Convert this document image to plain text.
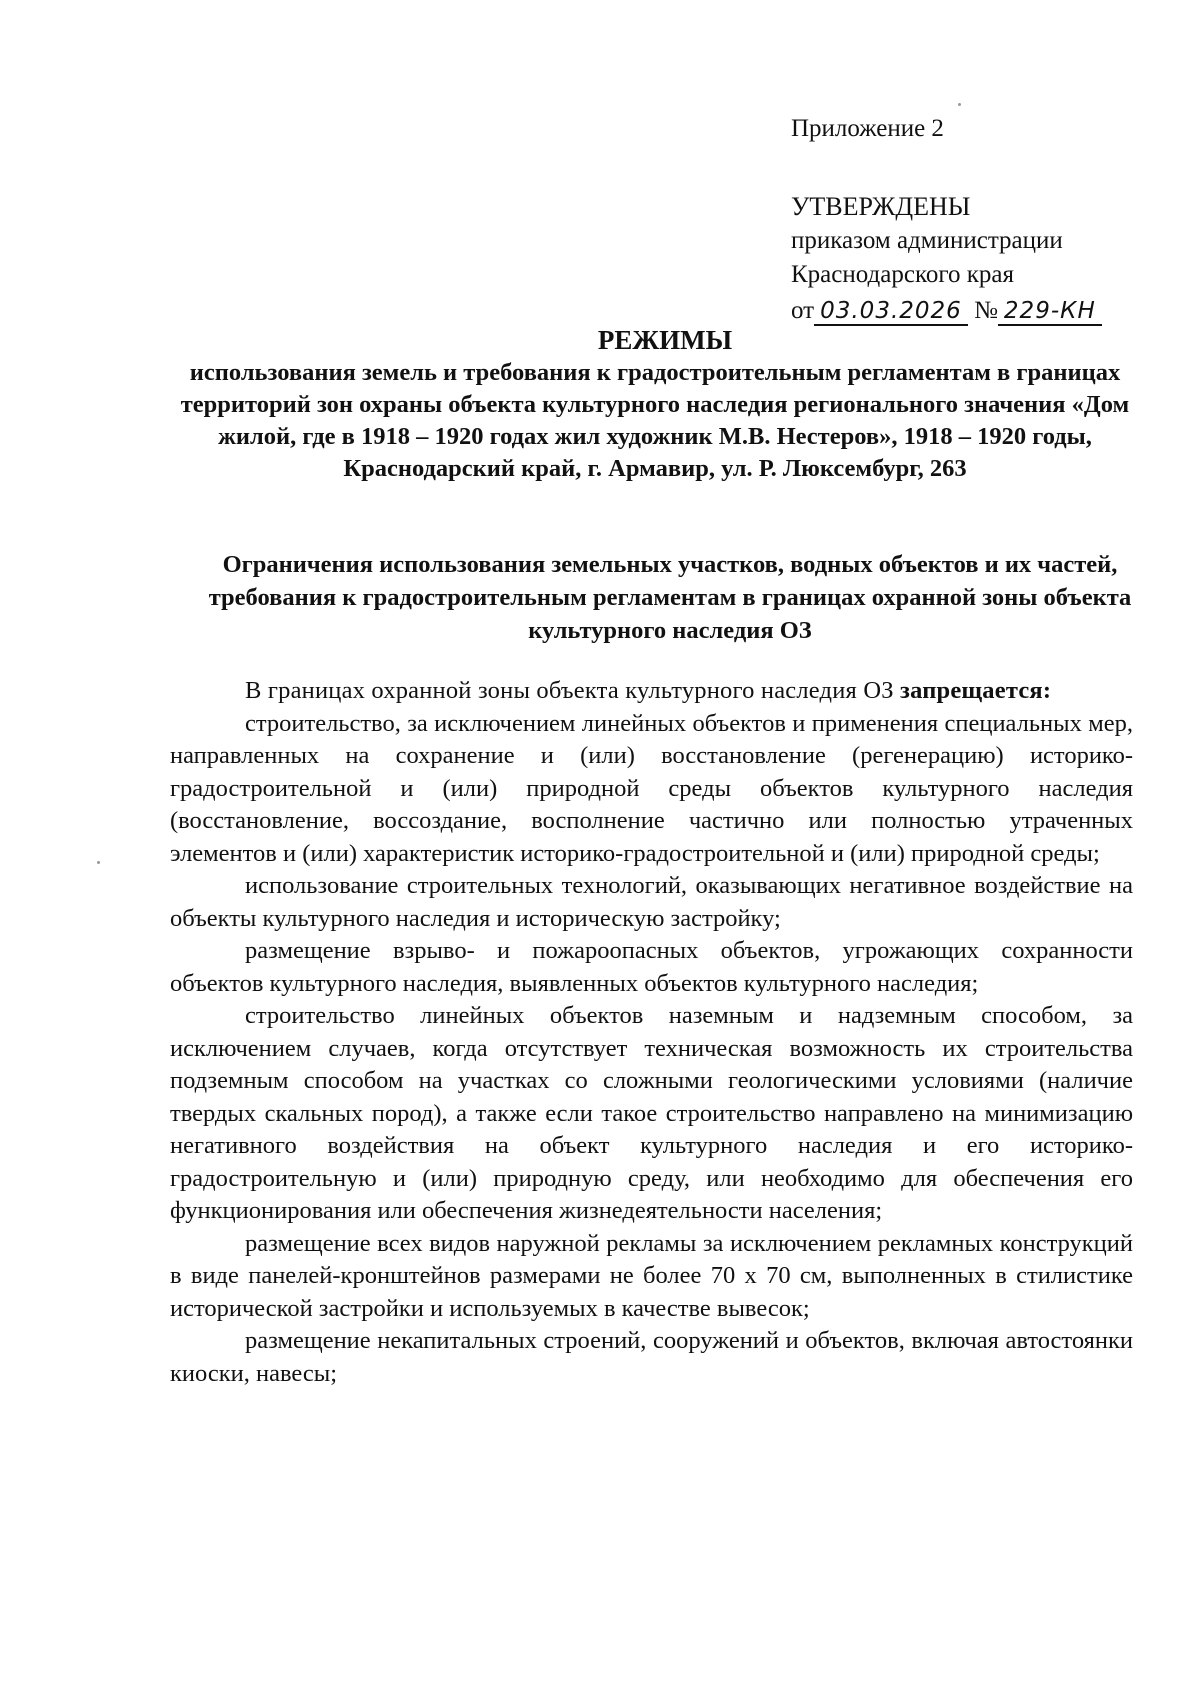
Приложение 2
УТВЕРЖДЕНЫ
приказом администрации
Краснодарского края
от 03.03.2026 № 229-КН
РЕЖИМЫ
использования земель и требования к градостроительным регламентам в границах территорий зон охраны объекта культурного наследия регионального значения «Дом жилой, где в 1918 – 1920 годах жил художник М.В. Нестеров», 1918 – 1920 годы, Краснодарский край, г. Армавир, ул. Р. Люксембург, 263
Ограничения использования земельных участков, водных объектов и их частей, требования к градостроительным регламентам в границах охранной зоны объекта культурного наследия ОЗ

В границах охранной зоны объекта культурного наследия ОЗ запрещается:

строительство, за исключением линейных объектов и применения специальных мер, направленных на сохранение и (или) восстановление (регенерацию) историко-градостроительной и (или) природной среды объектов культурного наследия (восстановление, воссоздание, восполнение частично или полностью утраченных элементов и (или) характеристик историко-градостроительной и (или) природной среды;

использование строительных технологий, оказывающих негативное воздействие на объекты культурного наследия и историческую застройку;

размещение взрыво- и пожароопасных объектов, угрожающих сохранности объектов культурного наследия, выявленных объектов культурного наследия;

строительство линейных объектов наземным и надземным способом, за исключением случаев, когда отсутствует техническая возможность их строительства подземным способом на участках со сложными геологическими условиями (наличие твердых скальных пород), а также если такое строительство направлено на минимизацию негативного воздействия на объект культурного наследия и его историко-градостроительную и (или) природную среду, или необходимо для обеспечения его функционирования или обеспечения жизнедеятельности населения;

размещение всех видов наружной рекламы за исключением рекламных конструкций в виде панелей-кронштейнов размерами не более 70 х 70 см, выполненных в стилистике исторической застройки и используемых в качестве вывесок;

размещение некапитальных строений, сооружений и объектов, включая автостоянки киоски, навесы;
